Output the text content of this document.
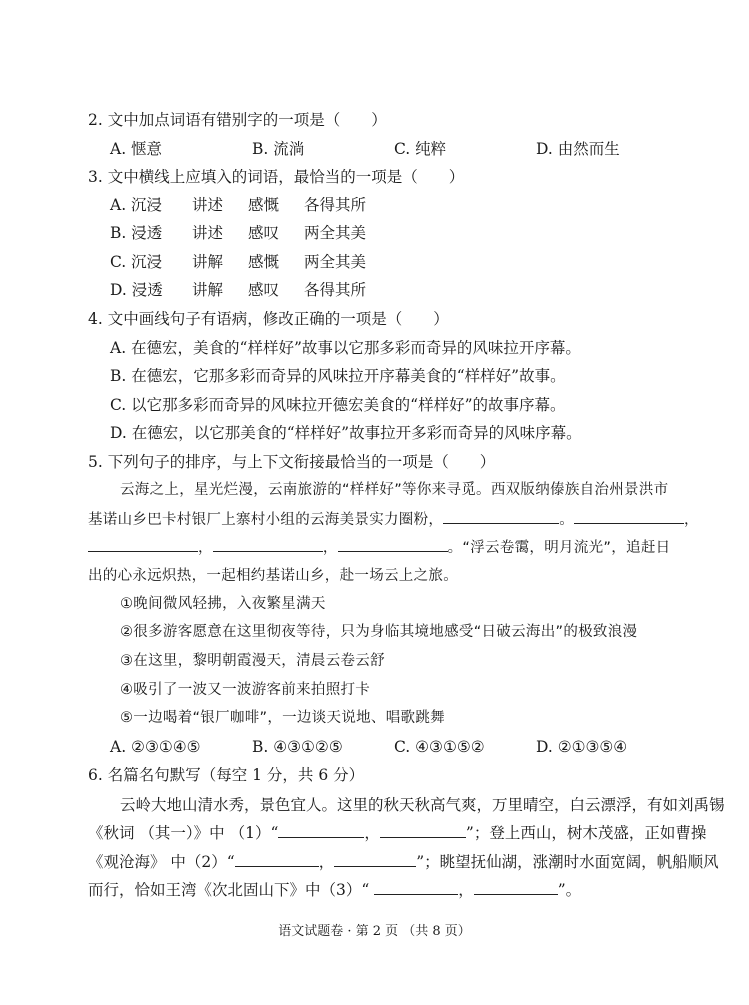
2. 文中加点词语有错别字的一项是（　　）
A. 惬意	B. 流淌	C. 纯粹	D. 由然而生
3. 文中横线上应填入的词语，最恰当的一项是（　　）
A. 沉浸 讲述 感慨 各得其所
B. 浸透 讲述 感叹 两全其美
C. 沉浸 讲解 感慨 两全其美
D. 浸透 讲解 感叹 各得其所
4. 文中画线句子有语病，修改正确的一项是（　　）
A. 在德宏，美食的“样样好”故事以它那多彩而奇异的风味拉开序幕。
B. 在德宏，它那多彩而奇异的风味拉开序幕美食的“样样好”故事。
C. 以它那多彩而奇异的风味拉开德宏美食的“样样好”的故事序幕。
D. 在德宏，以它那美食的“样样好”故事拉开多彩而奇异的风味序幕。
5. 下列句子的排序，与上下文衔接最恰当的一项是（　　）
云海之上，星光烂漫，云南旅游的“样样好”等你来寻觅。西双版纳傣族自治州景洪市
基诺山乡巴卡村银厂上寨村小组的云海美景实力圈粉，	。	，
，	，	。“浮云卷霭，明月流光”，追赶日
出的心永远炽热，一起相约基诺山乡，赴一场云上之旅。
①晚间微风轻拂，入夜繁星满天
②很多游客愿意在这里彻夜等待，只为身临其境地感受“日破云海出”的极致浪漫
③在这里，黎明朝霞漫天，清晨云卷云舒
④吸引了一波又一波游客前来拍照打卡
⑤一边喝着“银厂咖啡”，一边谈天说地、唱歌跳舞
A. ②③①④⑤	B. ④③①②⑤	C. ④③①⑤②	D. ②①③⑤④
6. 名篇名句默写（每空 1 分，共 6 分）
云岭大地山清水秀，景色宜人。这里的秋天秋高气爽，万里晴空，白云漂浮，有如刘禹锡
《秋词 （其一）》中 （1）“	，	”；登上西山，树木茂盛，正如曹操
《观沧海》 中（2）“	，	”；眺望抚仙湖，涨潮时水面宽阔，帆船顺风
而行，恰如王湾《次北固山下》中（3）“	，	”。
语文试题卷 · 第 2 页 （共 8 页）
